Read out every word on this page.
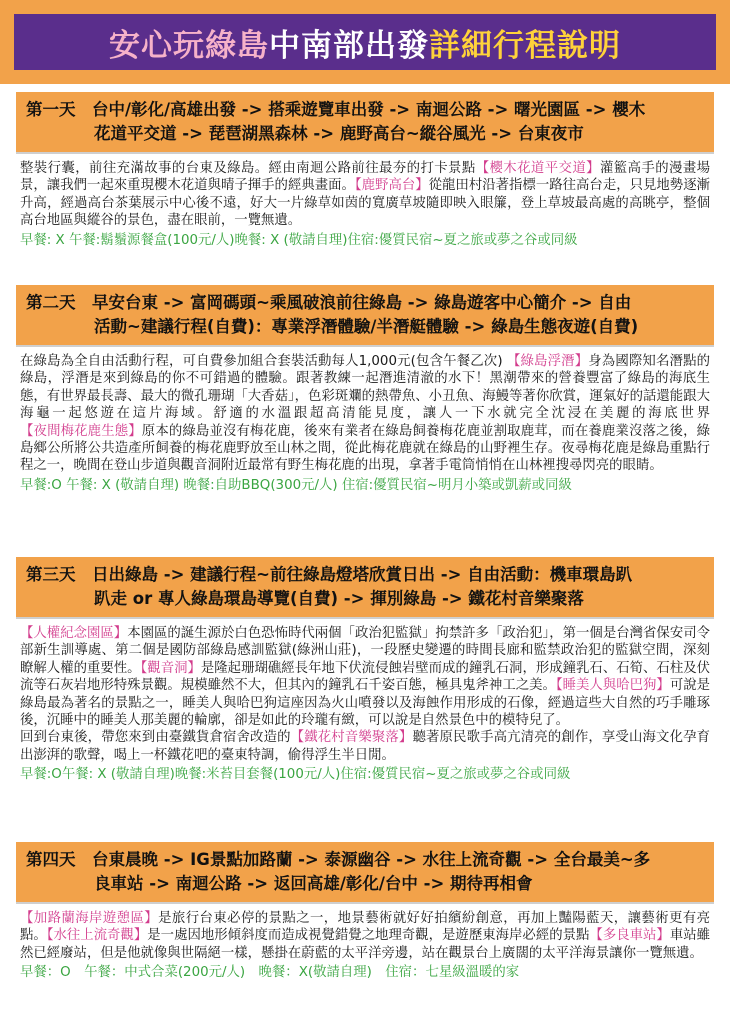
安心玩綠島 中南部出發 詳細行程說明
第一天　台中/彰化/高雄出發 -> 搭乘遊覽車出發 -> 南迴公路 -> 曙光園區 -> 櫻木
花道平交道 -> 琵琶湖黑森林 -> 鹿野高台~縱谷風光 -> 台東夜市
整裝行囊，前往充滿故事的台東及綠島。經由南迴公路前往最夯的打卡景點【櫻木花道平交道】灌籃高手的漫畫場景，讓我們一起來重現櫻木花道與晴子揮手的經典畫面。【鹿野高台】從龍田村沿著指標一路往高台走，只見地勢逐漸升高，經過高台茶葉展示中心後不遠，好大一片綠草如茵的寬廣草坡隨即映入眼簾，登上草坡最高處的高眺亭，整個高台地區與縱谷的景色，盡在眼前，一覽無遺。
早餐: X 午餐:鬍鬚源餐盒(100元/人)晚餐: X (敬請自理)住宿:優質民宿~夏之旅或夢之谷或同級
第二天　早安台東 -> 富岡碼頭~乘風破浪前往綠島 -> 綠島遊客中心簡介 -> 自由
活動~建議行程(自費)：專業浮潛體驗/半潛艇體驗 -> 綠島生態夜遊(自費)
在綠島為全自由活動行程，可自費參加組合套裝活動每人1,000元(包含午餐乙次) 【綠島浮潛】身為國際知名潛點的綠島，浮潛是來到綠島的你不可錯過的體驗。跟著教練一起潛進清澈的水下！黑潮帶來的營養豐富了綠島的海底生態，有世界最長壽、最大的微孔珊瑚「大香菇」，色彩斑斕的熱帶魚、小丑魚、海鰻等著你欣賞，運氣好的話還能跟大海龜一起悠遊在這片海域。舒適的水溫跟超高清能見度，讓人一下水就完全沈浸在美麗的海底世界【夜間梅花鹿生態】原本的綠島並沒有梅花鹿，後來有業者在綠島飼養梅花鹿並割取鹿茸，而在養鹿業沒落之後，綠島鄉公所將公共造產所飼養的梅花鹿野放至山林之間，從此梅花鹿就在綠島的山野裡生存。夜尋梅花鹿是綠島重點行程之一，晚間在登山步道與觀音洞附近最常有野生梅花鹿的出現，拿著手電筒悄悄在山林裡搜尋閃亮的眼睛。
早餐:O 午餐: X (敬請自理) 晚餐:自助BBQ(300元/人) 住宿:優質民宿~明月小築或凱薪或同級
第三天　日出綠島 -> 建議行程~前往綠島燈塔欣賞日出 -> 自由活動：機車環島趴
趴走 or 專人綠島環島導覽(自費) -> 揮別綠島 -> 鐵花村音樂聚落
【人權紀念園區】本園區的誕生源於白色恐怖時代兩個「政治犯監獄」拘禁許多「政治犯」，第一個是台灣省保安司令部新生訓導處、第二個是國防部綠島感訓監獄(綠洲山莊)，一段歷史變遷的時間長廊和監禁政治犯的監獄空間，深刻瞭解人權的重要性。【觀音洞】是隆起珊瑚礁經長年地下伏流侵蝕岩壁而成的鐘乳石洞，形成鐘乳石、石筍、石柱及伏流等石灰岩地形特殊景觀。規模雖然不大，但其內的鐘乳石千姿百態，極具鬼斧神工之美。【睡美人與哈巴狗】可說是綠島最為著名的景點之一，睡美人與哈巴狗這座因為火山噴發以及海蝕作用形成的石像，經過這些大自然的巧手雕琢後，沉睡中的睡美人那美麗的輪廓，卻是如此的玲瓏有緻，可以說是自然景色中的模特兒了。
回到台東後，帶您來到由臺鐵貨倉宿舍改造的【鐵花村音樂聚落】聽著原民歌手高亢清亮的創作，享受山海文化孕育出澎湃的歌聲，喝上一杯鐵花吧的臺東特調，偷得浮生半日閒。
早餐:O午餐: X (敬請自理)晚餐:米苔目套餐(100元/人)住宿:優質民宿~夏之旅或夢之谷或同級
第四天　台東晨晚 -> IG景點加路蘭 -> 泰源幽谷 -> 水往上流奇觀 -> 全台最美~多
良車站 -> 南迴公路 -> 返回高雄/彰化/台中 -> 期待再相會
【加路蘭海岸遊憩區】是旅行台東必停的景點之一，地景藝術就好好拍繽紛創意，再加上豔陽藍天，讓藝術更有亮點。【水往上流奇觀】是一處因地形傾斜度而造成視覺錯覺之地理奇觀，是遊歷東海岸必經的景點【多良車站】車站雖然已經廢站，但是他就像與世隔絕一樣，懸掛在蔚藍的太平洋旁邊，站在觀景台上廣闊的太平洋海景讓你一覽無遺。
早餐：O　午餐：中式合菜(200元/人)　晚餐：X(敬請自理)　住宿：七星級溫暖的家
